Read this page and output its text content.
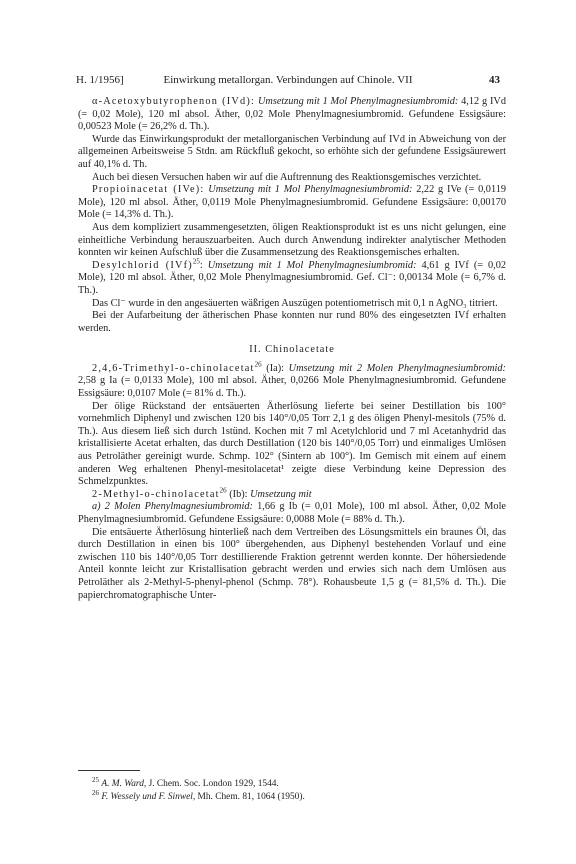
H. 1/1956]	Einwirkung metallorgan. Verbindungen auf Chinole. VII	43

α-Acetoxybutyrophenon (IVd): Umsetzung mit 1 Mol Phenylmagnesiumbromid: 4,12 g IVd (= 0,02 Mole), 120 ml absol. Äther, 0,02 Mole Phenylmagnesiumbromid. Gefundene Essigsäure: 0,00523 Mole (= 26,2% d. Th.).

Wurde das Einwirkungsprodukt der metallorganischen Verbindung auf IVd in Abweichung von der allgemeinen Arbeitsweise 5 Stdn. am Rückfluß gekocht, so erhöhte sich der gefundene Essigsäurewert auf 40,1% d. Th.

Auch bei diesen Versuchen haben wir auf die Auftrennung des Reaktionsgemisches verzichtet.

Propioinacetat (IVe): Umsetzung mit 1 Mol Phenylmagnesiumbromid: 2,22 g IVe (= 0,0119 Mole), 120 ml absol. Äther, 0,0119 Mole Phenylmagnesiumbromid. Gefundene Essigsäure: 0,00170 Mole (= 14,3% d. Th.).

Aus dem kompliziert zusammengesetzten, öligen Reaktionsprodukt ist es uns nicht gelungen, eine einheitliche Verbindung herauszuarbeiten. Auch durch Anwendung indirekter analytischer Methoden konnten wir keinen Aufschluß über die Zusammensetzung des Reaktionsgemisches erhalten.

Desylchlorid (IVf)$^{25}$: Umsetzung mit 1 Mol Phenylmagnesiumbromid: 4,61 g IVf (= 0,02 Mole), 120 ml absol. Äther, 0,02 Mole Phenylmagnesiumbromid. Gef. Cl⁻: 0,00134 Mole (= 6,7% d. Th.).

Das Cl⁻ wurde in den angesäuerten wäßrigen Auszügen potentiometrisch mit 0,1 n AgNO₃ titriert.

Bei der Aufarbeitung der ätherischen Phase konnten nur rund 80% des eingesetzten IVf erhalten werden.

II. Chinolacetate

2,4,6-Trimethyl-o-chinolacetat$^{26}$ (Ia): Umsetzung mit 2 Molen Phenylmagnesiumbromid: 2,58 g Ia (= 0,0133 Mole), 100 ml absol. Äther, 0,0266 Mole Phenylmagnesiumbromid. Gefundene Essigsäure: 0,0107 Mole (= 81% d. Th.).

Der ölige Rückstand der entsäuerten Ätherlösung lieferte bei seiner Destillation bis 100° vornehmlich Diphenyl und zwischen 120 bis 140°/0,05 Torr 2,1 g des öligen Phenyl-mesitols (75% d. Th.). Aus diesem ließ sich durch 1stünd. Kochen mit 7 ml Acetylchlorid und 7 ml Acetanhydrid das kristallisierte Acetat erhalten, das durch Destillation (120 bis 140°/0,05 Torr) und einmaliges Umlösen aus Petroläther gereinigt wurde. Schmp. 102° (Sintern ab 100°). Im Gemisch mit einem auf einem anderen Weg erhaltenen Phenyl-mesitolacetat¹ zeigte diese Verbindung keine Depression des Schmelzpunktes.

2-Methyl-o-chinolacetat$^{26}$ (Ib): Umsetzung mit

a) 2 Molen Phenylmagnesiumbromid: 1,66 g Ib (= 0,01 Mole), 100 ml absol. Äther, 0,02 Mole Phenylmagnesiumbromid. Gefundene Essigsäure: 0,0088 Mole (= 88% d. Th.).

Die entsäuerte Ätherlösung hinterließ nach dem Vertreiben des Lösungsmittels ein braunes Öl, das durch Destillation in einen bis 100° übergehenden, aus Diphenyl bestehenden Vorlauf und eine zwischen 110 bis 140°/0,05 Torr destillierende Fraktion getrennt werden konnte. Der höhersiedende Anteil konnte leicht zur Kristallisation gebracht werden und erwies sich nach dem Umlösen aus Petroläther als 2-Methyl-5-phenyl-phenol (Schmp. 78°). Rohausbeute 1,5 g (= 81,5% d. Th.). Die papierchromatographische Unter-

$^{25}$ A. M. Ward, J. Chem. Soc. London 1929, 1544.

$^{26}$ F. Wessely und F. Sinwel, Mh. Chem. 81, 1064 (1950).
